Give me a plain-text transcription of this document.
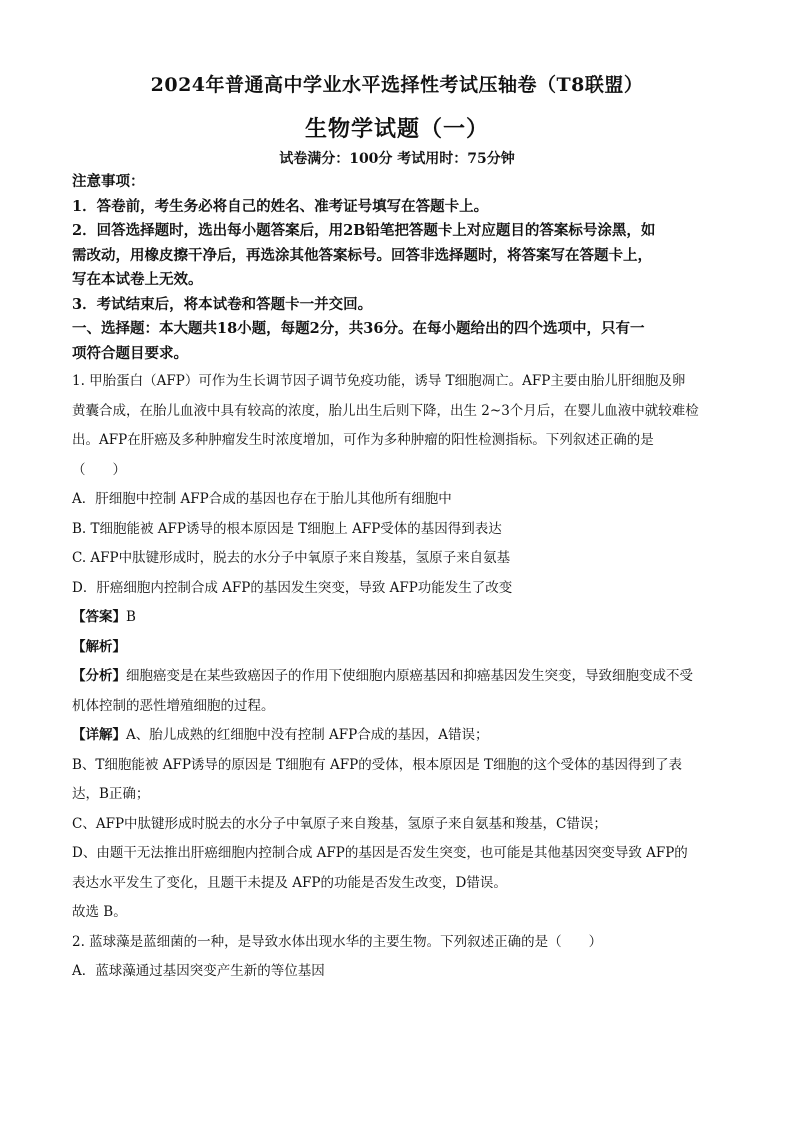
2024年普通高中学业水平选择性考试压轴卷（T8联盟）
生物学试题（一）
试卷满分：100分 考试用时：75分钟
注意事项：
1．答卷前，考生务必将自己的姓名、准考证号填写在答题卡上。
2．回答选择题时，选出每小题答案后，用2B铅笔把答题卡上对应题目的答案标号涂黑，如
需改动，用橡皮擦干净后，再选涂其他答案标号。回答非选择题时，将答案写在答题卡上，
写在本试卷上无效。
3．考试结束后，将本试卷和答题卡一并交回。
一、选择题：本大题共18小题，每题2分，共36分。在每小题给出的四个选项中，只有一
项符合题目要求。
1. 甲胎蛋白（AFP）可作为生长调节因子调节免疫功能，诱导 T细胞凋亡。AFP主要由胎儿肝细胞及卵
黄囊合成，在胎儿血液中具有较高的浓度，胎儿出生后则下降，出生 2~3个月后，在婴儿血液中就较难检
出。AFP在肝癌及多种肿瘤发生时浓度增加，可作为多种肿瘤的阳性检测指标。下列叙述正确的是
（　　）
A．肝细胞中控制 AFP合成的基因也存在于胎儿其他所有细胞中
B. T细胞能被 AFP诱导的根本原因是 T细胞上 AFP受体的基因得到表达
C. AFP中肽键形成时，脱去的水分子中氧原子来自羧基，氢原子来自氨基
D．肝癌细胞内控制合成 AFP的基因发生突变，导致 AFP功能发生了改变
【答案】B
【解析】
【分析】细胞癌变是在某些致癌因子的作用下使细胞内原癌基因和抑癌基因发生突变，导致细胞变成不受
机体控制的恶性增殖细胞的过程。
【详解】A、胎儿成熟的红细胞中没有控制 AFP合成的基因，A错误；
B、T细胞能被 AFP诱导的原因是 T细胞有 AFP的受体，根本原因是 T细胞的这个受体的基因得到了表
达，B正确；
C、AFP中肽键形成时脱去的水分子中氧原子来自羧基，氢原子来自氨基和羧基，C错误；
D、由题干无法推出肝癌细胞内控制合成 AFP的基因是否发生突变，也可能是其他基因突变导致 AFP的
表达水平发生了变化，且题干未提及 AFP的功能是否发生改变，D错误。
故选 B。
2. 蓝球藻是蓝细菌的一种，是导致水体出现水华的主要生物。下列叙述正确的是（　　）
A．蓝球藻通过基因突变产生新的等位基因
